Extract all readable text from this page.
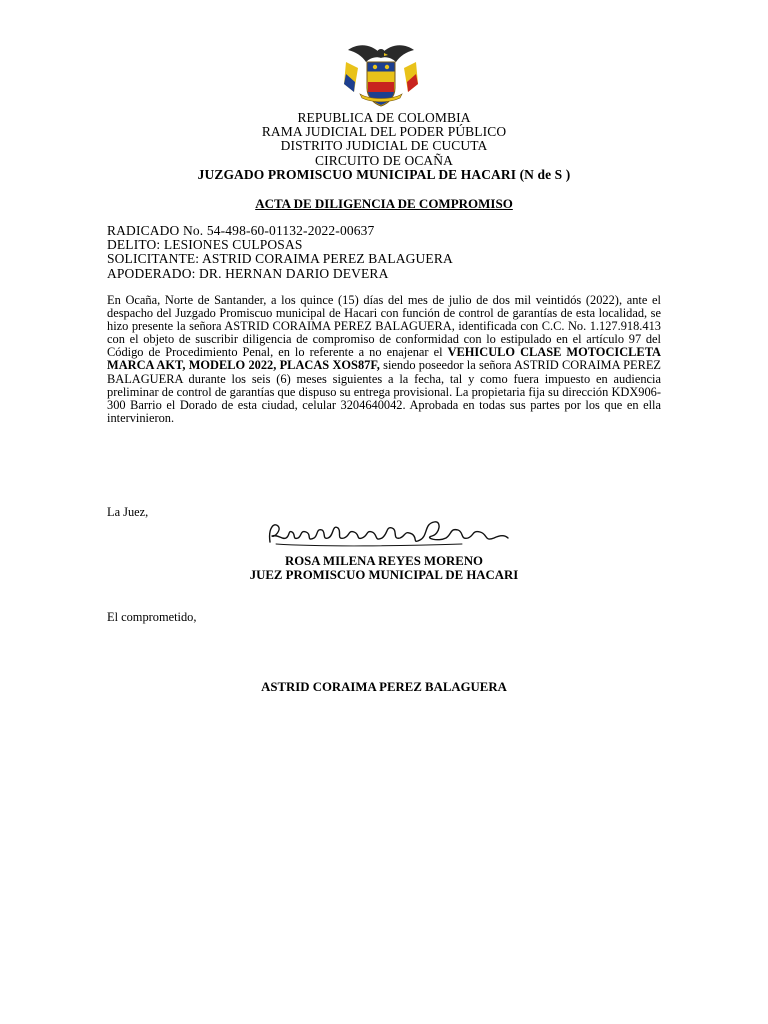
REPUBLICA DE COLOMBIA
RAMA JUDICIAL DEL PODER PÚBLICO
DISTRITO JUDICIAL DE CUCUTA
CIRCUITO DE OCAÑA
JUZGADO PROMISCUO MUNICIPAL DE HACARI (N de S )
ACTA DE DILIGENCIA DE COMPROMISO
RADICADO No. 54-498-60-01132-2022-00637
DELITO: LESIONES CULPOSAS
SOLICITANTE: ASTRID CORAIMA PEREZ BALAGUERA
APODERADO: DR. HERNAN DARIO DEVERA
En Ocaña, Norte de Santander, a los quince (15) días del mes de julio de dos mil veintidós (2022), ante el despacho del Juzgado Promiscuo municipal de Hacari con función de control de garantías de esta localidad, se hizo presente la señora ASTRID CORAIMA PEREZ BALAGUERA, identificada con C.C. No. 1.127.918.413 con el objeto de suscribir diligencia de compromiso de conformidad con lo estipulado en el artículo 97 del Código de Procedimiento Penal, en lo referente a no enajenar el VEHICULO CLASE MOTOCICLETA MARCA AKT, MODELO 2022, PLACAS XOS87F, siendo poseedor la señora ASTRID CORAIMA PEREZ BALAGUERA durante los seis (6) meses siguientes a la fecha, tal y como fuera impuesto en audiencia preliminar de control de garantías que dispuso su entrega provisional. La propietaria fija su dirección KDX906-300 Barrio el Dorado de esta ciudad, celular 3204640042. Aprobada en todas sus partes por los que en ella intervinieron.
La Juez,
ROSA MILENA REYES MORENO
JUEZ PROMISCUO MUNICIPAL DE HACARI
El comprometido,
ASTRID CORAIMA PEREZ BALAGUERA
